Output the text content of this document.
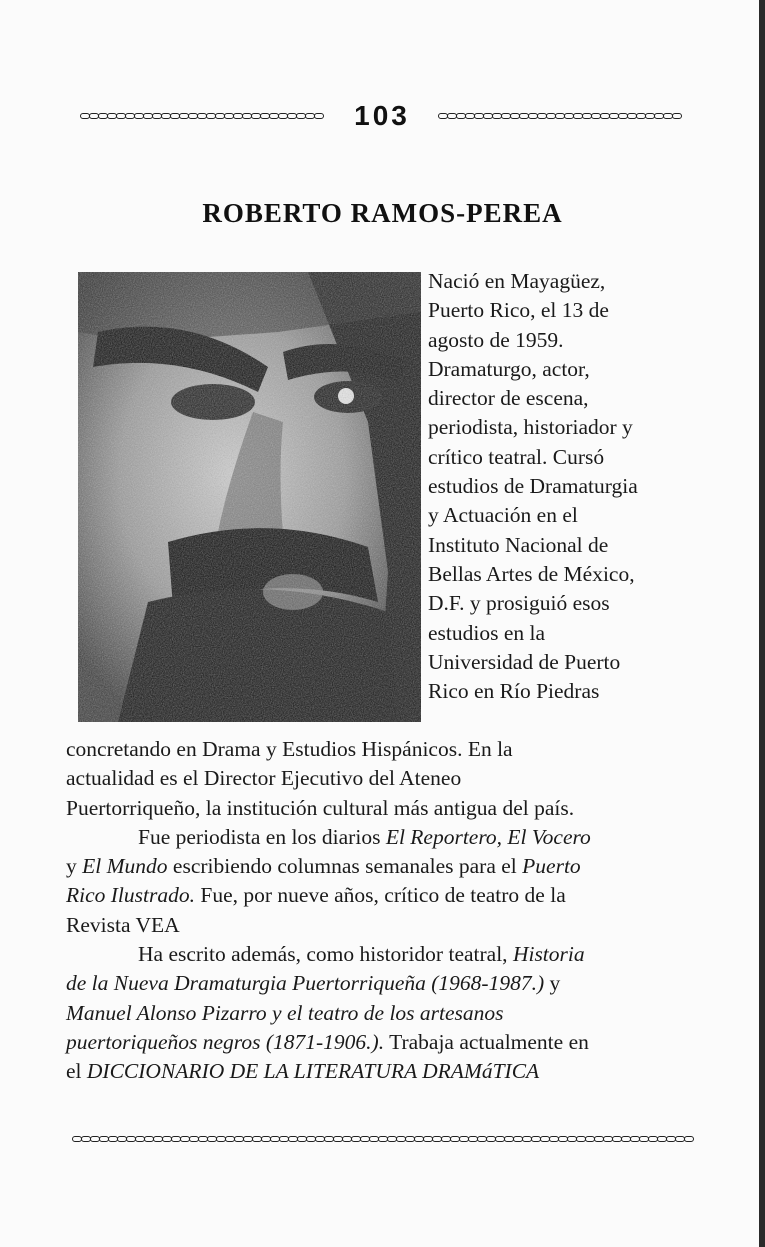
103
ROBERTO RAMOS-PEREA
Nació en Mayagüez,
Puerto Rico, el 13 de
agosto de 1959.
Dramaturgo, actor,
director de escena,
periodista, historiador y
crítico teatral. Cursó
estudios de Dramaturgia
y Actuación en el
Instituto Nacional de
Bellas Artes de México,
D.F. y prosiguió esos
estudios en la
Universidad de Puerto
Rico en Río Piedras
concretando en Drama y Estudios Hispánicos. En la
actualidad es el Director Ejecutivo del Ateneo
Puertorriqueño, la institución cultural más antigua del país.
Fue periodista en los diarios El Reportero, El Vocero
y El Mundo escribiendo columnas semanales para el Puerto
Rico Ilustrado. Fue, por nueve años, crítico de teatro de la
Revista VEA
Ha escrito además, como historidor teatral, Historia
de la Nueva Dramaturgia Puertorriqueña (1968-1987.) y
Manuel Alonso Pizarro y el teatro de los artesanos
puertoriqueños negros (1871-1906.). Trabaja actualmente en
el DICCIONARIO DE LA LITERATURA DRAMáTICA
